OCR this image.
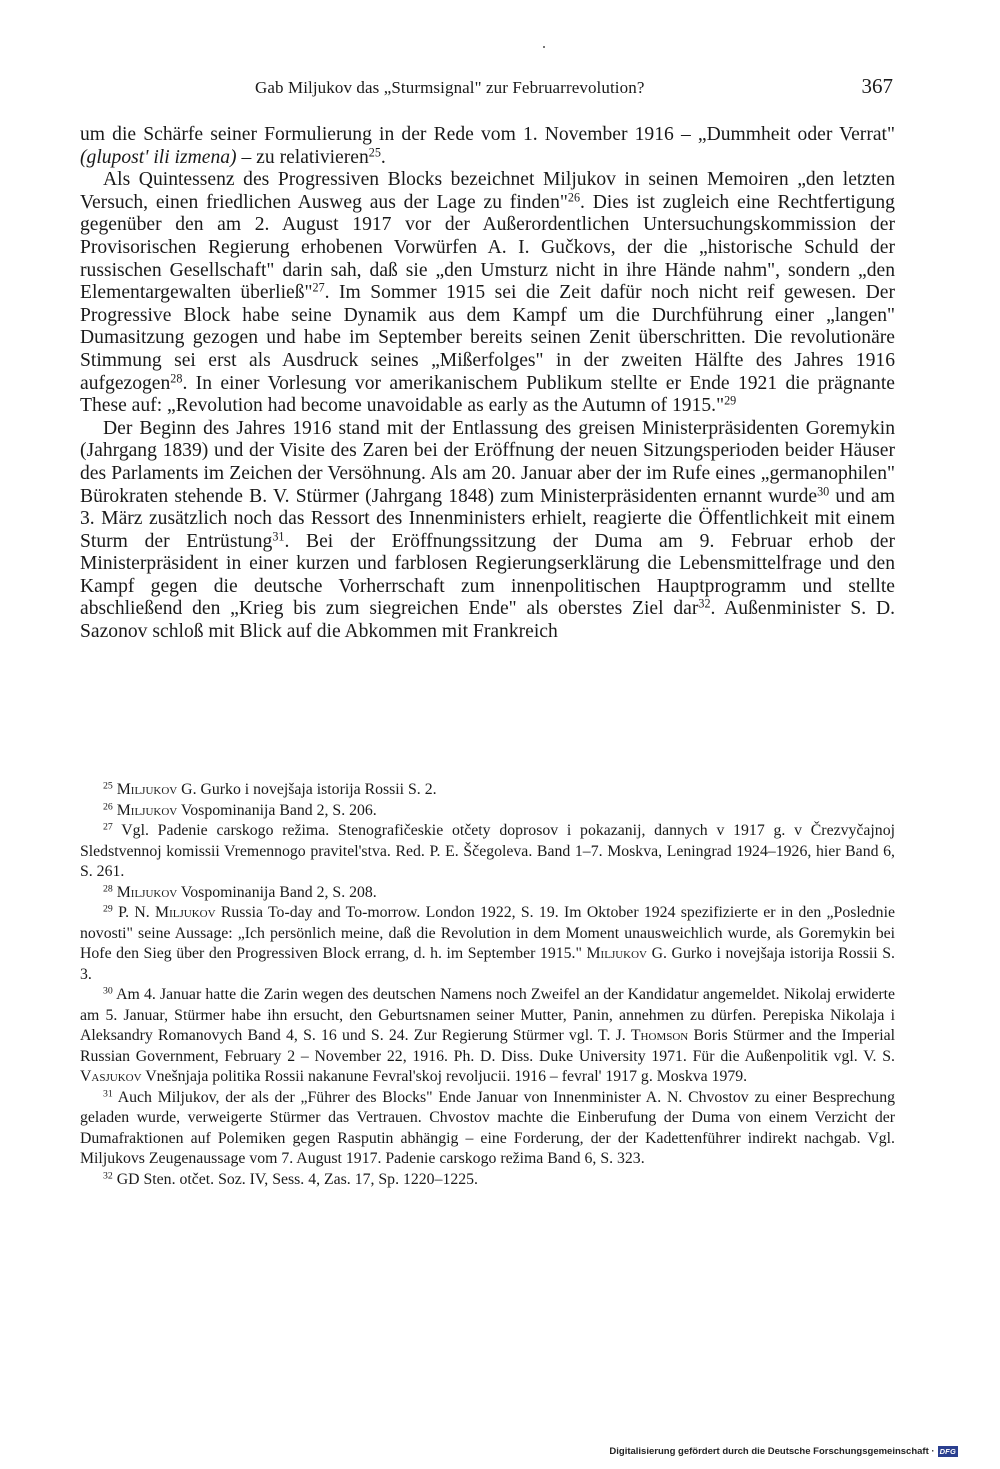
Gab Miljukov das „Sturmsignal" zur Februarrevolution?	367

um die Schärfe seiner Formulierung in der Rede vom 1. November 1916 – „Dummheit oder Verrat" (glupost' ili izmena) – zu relativieren$^{25}$.

Als Quintessenz des Progressiven Blocks bezeichnet Miljukov in seinen Memoiren „den letzten Versuch, einen friedlichen Ausweg aus der Lage zu finden"$^{26}$. Dies ist zugleich eine Rechtfertigung gegenüber den am 2. August 1917 vor der Außerordentlichen Untersuchungskommission der Provisorischen Regierung erhobenen Vorwürfen A. I. Gučkovs, der die „historische Schuld der russischen Gesellschaft" darin sah, daß sie „den Umsturz nicht in ihre Hände nahm", sondern „den Elementargewalten überließ"$^{27}$. Im Sommer 1915 sei die Zeit dafür noch nicht reif gewesen. Der Progressive Block habe seine Dynamik aus dem Kampf um die Durchführung einer „langen" Dumasitzung gezogen und habe im September bereits seinen Zenit überschritten. Die revolutionäre Stimmung sei erst als Ausdruck seines „Mißerfolges" in der zweiten Hälfte des Jahres 1916 aufgezogen$^{28}$. In einer Vorlesung vor amerikanischem Publikum stellte er Ende 1921 die prägnante These auf: „Revolution had become unavoidable as early as the Autumn of 1915."$^{29}$

Der Beginn des Jahres 1916 stand mit der Entlassung des greisen Ministerpräsidenten Goremykin (Jahrgang 1839) und der Visite des Zaren bei der Eröffnung der neuen Sitzungsperioden beider Häuser des Parlaments im Zeichen der Versöhnung. Als am 20. Januar aber der im Rufe eines „germanophilen" Bürokraten stehende B. V. Stürmer (Jahrgang 1848) zum Ministerpräsidenten ernannt wurde$^{30}$ und am 3. März zusätzlich noch das Ressort des Innenministers erhielt, reagierte die Öffentlichkeit mit einem Sturm der Entrüstung$^{31}$. Bei der Eröffnungssitzung der Duma am 9. Februar erhob der Ministerpräsident in einer kurzen und farblosen Regierungserklärung die Lebensmittelfrage und den Kampf gegen die deutsche Vorherrschaft zum innenpolitischen Hauptprogramm und stellte abschließend den „Krieg bis zum siegreichen Ende" als oberstes Ziel dar$^{32}$. Außenminister S. D. Sazonov schloß mit Blick auf die Abkommen mit Frankreich

$^{25}$ Miljukov G. Gurko i novejšaja istorija Rossii S. 2.

$^{26}$ Miljukov Vospominanija Band 2, S. 206.

$^{27}$ Vgl. Padenie carskogo režima. Stenografičeskie otčety doprosov i pokazanij, dannych v 1917 g. v Črezvyčajnoj Sledstvennoj komissii Vremennogo pravitel'stva. Red. P. E. Ščegoleva. Band 1–7. Moskva, Leningrad 1924–1926, hier Band 6, S. 261.

$^{28}$ Miljukov Vospominanija Band 2, S. 208.

$^{29}$ P. N. Miljukov Russia To-day and To-morrow. London 1922, S. 19. Im Oktober 1924 spezifizierte er in den „Poslednie novosti" seine Aussage: „Ich persönlich meine, daß die Revolution in dem Moment unausweichlich wurde, als Goremykin bei Hofe den Sieg über den Progressiven Block errang, d. h. im September 1915." Miljukov G. Gurko i novejšaja istorija Rossii S. 3.

$^{30}$ Am 4. Januar hatte die Zarin wegen des deutschen Namens noch Zweifel an der Kandidatur angemeldet. Nikolaj erwiderte am 5. Januar, Stürmer habe ihn ersucht, den Geburtsnamen seiner Mutter, Panin, annehmen zu dürfen. Perepiska Nikolaja i Aleksandry Romanovych Band 4, S. 16 und S. 24. Zur Regierung Stürmer vgl. T. J. Thomson Boris Stürmer and the Imperial Russian Government, February 2 – November 22, 1916. Ph. D. Diss. Duke University 1971. Für die Außenpolitik vgl. V. S. Vasjukov Vnešnjaja politika Rossii nakanune Fevral'skoj revoljucii. 1916 – fevral' 1917 g. Moskva 1979.

$^{31}$ Auch Miljukov, der als der „Führer des Blocks" Ende Januar von Innenminister A. N. Chvostov zu einer Besprechung geladen wurde, verweigerte Stürmer das Vertrauen. Chvostov machte die Einberufung der Duma von einem Verzicht der Dumafraktionen auf Polemiken gegen Rasputin abhängig – eine Forderung, der der Kadettenführer indirekt nachgab. Vgl. Miljukovs Zeugenaussage vom 7. August 1917. Padenie carskogo režima Band 6, S. 323.

$^{32}$ GD Sten. otčet. Soz. IV, Sess. 4, Zas. 17, Sp. 1220–1225.

Digitalisierung gefördert durch die Deutsche Forschungsgemeinschaft · DFG
